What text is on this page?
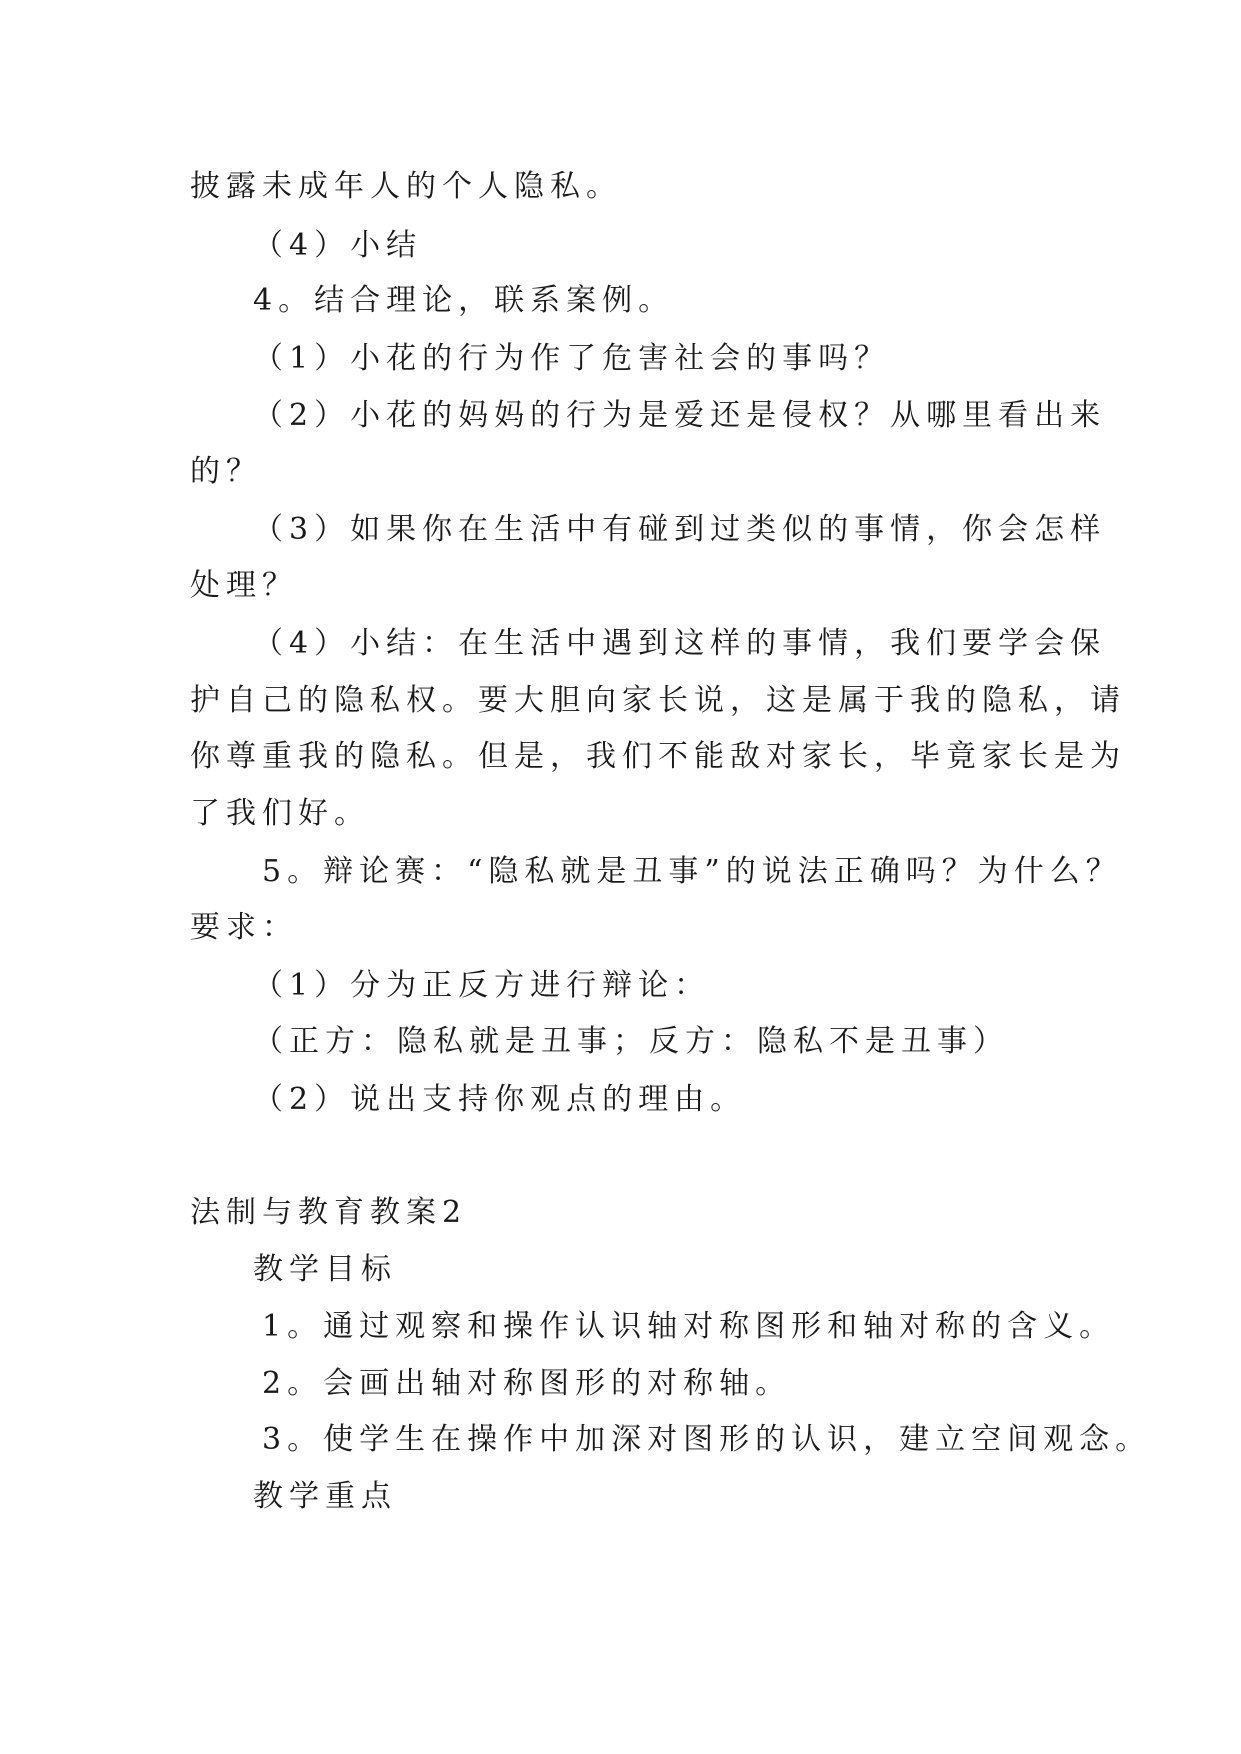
披露未成年人的个人隐私。
（4）小结
4。结合理论，联系案例。
（1）小花的行为作了危害社会的事吗？
（2）小花的妈妈的行为是爱还是侵权？从哪里看出来
的？
（3）如果你在生活中有碰到过类似的事情，你会怎样
处理？
（4）小结：在生活中遇到这样的事情，我们要学会保
护自己的隐私权。要大胆向家长说，这是属于我的隐私，请
你尊重我的隐私。但是，我们不能敌对家长，毕竟家长是为
了我们好。
5。辩论赛：“隐私就是丑事”的说法正确吗？为什么？
要求：
（1）分为正反方进行辩论：
（正方：隐私就是丑事；反方：隐私不是丑事）
（2）说出支持你观点的理由。
法制与教育教案2
教学目标
1。通过观察和操作认识轴对称图形和轴对称的含义。
2。会画出轴对称图形的对称轴。
3。使学生在操作中加深对图形的认识，建立空间观念。
教学重点
